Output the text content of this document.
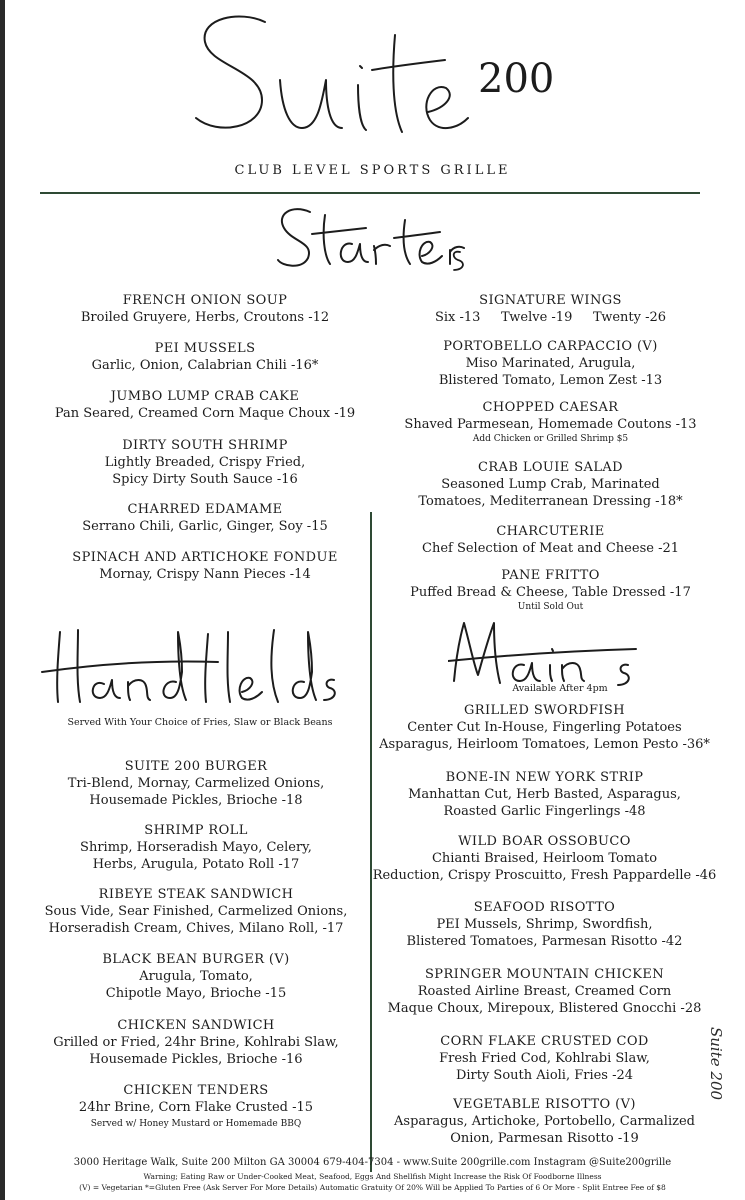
200
CLUB LEVEL SPORTS GRILLE
FRENCH ONION SOUP
Broiled Gruyere, Herbs, Croutons -12
PEI MUSSELS
Garlic, Onion, Calabrian Chili -16*
JUMBO LUMP CRAB CAKE
Pan Seared, Creamed Corn Maque Choux -19
DIRTY SOUTH SHRIMP
Lightly Breaded, Crispy Fried,
Spicy Dirty South Sauce -16
CHARRED EDAMAME
Serrano Chili, Garlic, Ginger, Soy -15
SPINACH AND ARTICHOKE FONDUE
Mornay, Crispy Nann Pieces -14
SIGNATURE WINGS
Six -13     Twelve -19     Twenty -26
PORTOBELLO CARPACCIO (V)
Miso Marinated, Arugula,
Blistered Tomato, Lemon Zest -13
CHOPPED CAESAR
Shaved Parmesean, Homemade Coutons -13
Add Chicken or Grilled Shrimp $5
CRAB LOUIE SALAD
Seasoned Lump Crab, Marinated
Tomatoes, Mediterranean Dressing -18*
CHARCUTERIE
Chef Selection of Meat and Cheese -21
PANE FRITTO
Puffed Bread & Cheese, Table Dressed -17
Until Sold Out
Served With Your Choice of Fries, Slaw or Black Beans
SUITE 200 BURGER
Tri-Blend, Mornay, Carmelized Onions,
Housemade Pickles, Brioche -18
SHRIMP ROLL
Shrimp, Horseradish Mayo, Celery,
Herbs, Arugula, Potato Roll -17
RIBEYE STEAK SANDWICH
Sous Vide, Sear Finished, Carmelized Onions,
Horseradish Cream, Chives, Milano Roll, -17
BLACK BEAN BURGER (V)
Arugula, Tomato,
Chipotle Mayo, Brioche -15
CHICKEN SANDWICH
Grilled or Fried, 24hr Brine, Kohlrabi Slaw,
Housemade Pickles, Brioche -16
CHICKEN TENDERS
24hr Brine, Corn Flake Crusted -15
Served w/ Honey Mustard or Homemade BBQ
Available After 4pm
GRILLED SWORDFISH
Center Cut In-House, Fingerling Potatoes
Asparagus, Heirloom Tomatoes, Lemon Pesto -36*
BONE-IN NEW YORK STRIP
Manhattan Cut, Herb Basted, Asparagus,
Roasted Garlic Fingerlings -48
WILD BOAR OSSOBUCO
Chianti Braised, Heirloom Tomato
Reduction, Crispy Proscuitto, Fresh Pappardelle -46
SEAFOOD RISOTTO
PEI Mussels, Shrimp, Swordfish,
Blistered Tomatoes, Parmesan Risotto -42
SPRINGER MOUNTAIN CHICKEN
Roasted Airline Breast, Creamed Corn
Maque Choux, Mirepoux, Blistered Gnocchi -28
CORN FLAKE CRUSTED COD
Fresh Fried Cod, Kohlrabi Slaw,
Dirty South Aioli, Fries -24
VEGETABLE RISOTTO (V)
Asparagus, Artichoke, Portobello, Carmalized
Onion, Parmesan Risotto -19
Suite 200
3000 Heritage Walk, Suite 200 Milton GA 30004 679-404-7304 - www.Suite 200grille.com Instagram @Suite200grille
Warning; Eating Raw or Under-Cooked Meat, Seafood, Eggs And Shellfish Might Increase the Risk Of Foodborne Illness
(V) = Vegetarian *=Gluten Free (Ask Server For More Details) Automatic Gratuity Of 20% Will be Applied To Parties of 6 Or More - Split Entree Fee of $8
